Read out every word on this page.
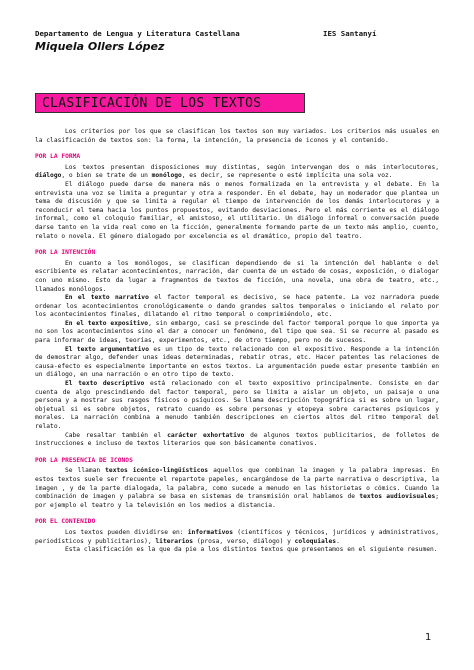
Departamento de Lengua y Literatura Castellana	IES Santanyí
Miquela Ollers López
CLASIFICACIÓN DE LOS TEXTOS

Los criterios por los que se clasifican los textos son muy variados. Los criterios más usuales en la clasificación de textos son: la forma, la intención, la presencia de iconos y el contenido.

POR LA FORMA

Los textos presentan disposiciones muy distintas, según intervengan dos o más interlocutores, diálogo, o bien se trate de un monólogo, es decir, se represente o esté implícita una sola voz.

El diálogo puede darse de manera más o menos formalizada en la entrevista y el debate. En la entrevista una voz se limita a preguntar y otra a responder. En el debate, hay un moderador que plantea un tema de discusión y que se limita a regular el tiempo de intervención de los demás interlocutores y a reconducir el tema hacia los puntos propuestos, evitando desviaciones. Pero el más corriente es el diálogo informal, como el coloquio familiar, el amistoso, el utilitario. Un diálogo informal o conversación puede darse tanto en la vida real como en la ficción, generalmente formando parte de un texto más amplio, cuento, relato o novela. El género dialogado por excelencia es el dramático, propio del teatro.

POR LA INTENCIÓN

En cuanto a los monólogos, se clasifican dependiendo de si la intención del hablante o del escribiente es relatar acontecimientos, narración, dar cuenta de un estado de cosas, exposición, o dialogar con uno mismo. Esto da lugar a fragmentos de textos de ficción, una novela, una obra de teatro, etc., llamados monólogos.

En el texto narrativo el factor temporal es decisivo, se hace patente. La voz narradora puede ordenar los acontecimientos cronológicamente o dando grandes saltos temporales o iniciando el relato por los acontecimientos finales, dilatando el ritmo temporal o comprimiéndolo, etc.

En el texto expositivo, sin embargo, casi se prescinde del factor temporal porque lo que importa ya no son los acontecimientos sino el dar a conocer un fenómeno, del tipo que sea. Si se recurre al pasado es para informar de ideas, teorías, experimentos, etc., de otro tiempo, pero no de sucesos.

El texto argumentativo es un tipo de texto relacionado con el expositivo. Responde a la intención de demostrar algo, defender unas ideas determinadas, rebatir otras, etc. Hacer patentes las relaciones de causa-efecto es especialmente importante en estos textos. La argumentación puede estar presente también en un diálogo, en una narración o en otro tipo de texto.

El texto descriptivo está relacionado con el texto expositivo principalmente. Consiste en dar cuenta de algo prescindiendo del factor temporal, pero se limita a aislar un objeto, un paisaje o una persona y a mostrar sus rasgos físicos o psíquicos. Se llama descripción topográfica si es sobre un lugar, objetual si es sobre objetos, retrato cuando es sobre personas y etopeya sobre caracteres psíquicos y morales. La narración combina a menudo también descripciones en ciertos altos del ritmo temporal del relato.

Cabe resaltar también el carácter exhortativo de algunos textos publicitarios, de folletos de instrucciones e incluso de textos literarios que son básicamente conativos.

POR LA PRESENCIA DE ICONOS

Se llaman textos icónico-lingüísticos aquellos que combinan la imagen y la palabra impresas. En estos textos suele ser frecuente el repartote papeles, encargándose de la parte narrativa o descriptiva, la imagen , y de la parte dialogada, la palabra, como sucede a menudo en las historietas o cómics. Cuando la combinación de imagen y palabra se basa en sistemas de transmisión oral hablamos de textos audiovisuales; por ejemplo el teatro y la televisión en los medios a distancia.

POR EL CONTENIDO

Los textos pueden dividirse en: informativos (científicos y técnicos, jurídicos y administrativos, periodísticos y publicitarios), literarios (prosa, verso, diálogo) y coloquiales.

Esta clasificación es la que da pie a los distintos textos que presentamos en el siguiente resumen.

1
